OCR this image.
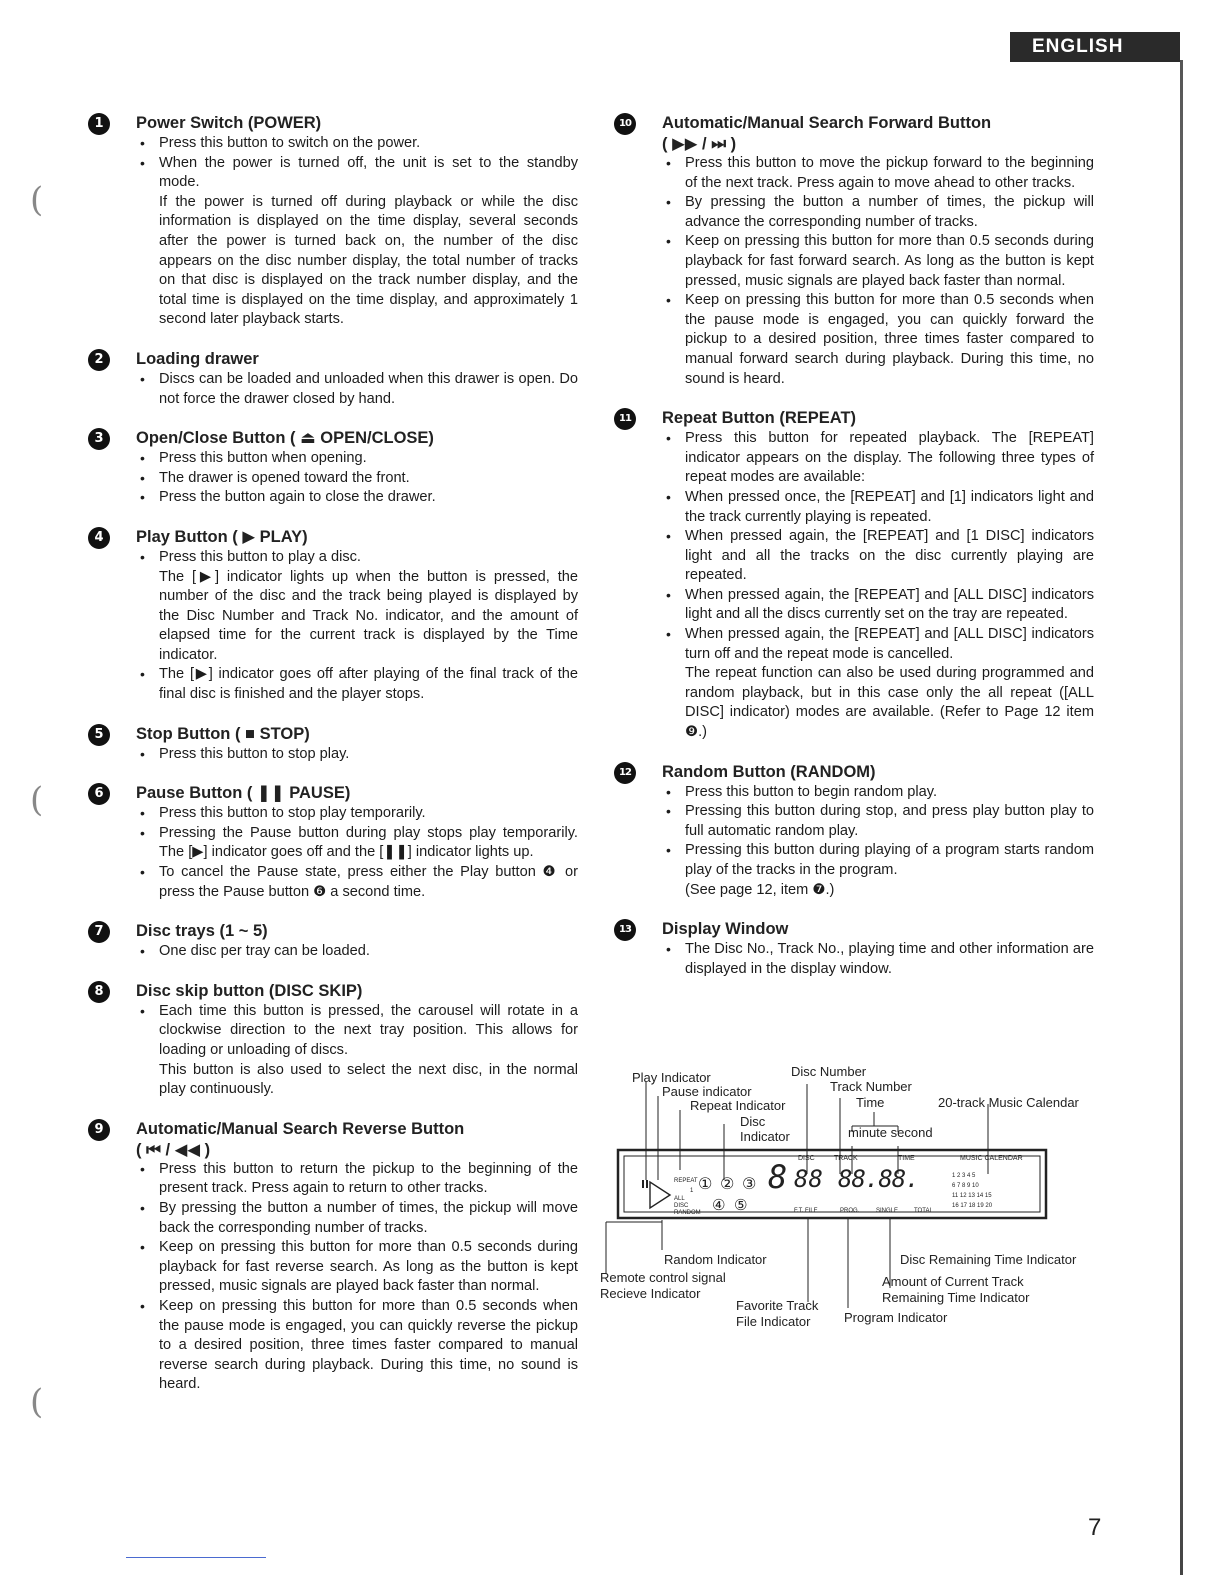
ENGLISH
(
(
(
1	Power Switch (POWER)
• Press this button to switch on the power.
• When the power is turned off, the unit is set to the standby mode.

If the power is turned off during playback or while the disc information is displayed on the time display, several seconds after the power is turned back on, the number of the disc appears on the disc number display, the total number of tracks on that disc is displayed on the track number display, and the total time is displayed on the time display, and approximately 1 second later playback starts.

2	Loading drawer
• Discs can be loaded and unloaded when this drawer is open. Do not force the drawer closed by hand.
3	Open/Close Button ( ⏏ OPEN/CLOSE)
• Press this button when opening.
• The drawer is opened toward the front.
• Press the button again to close the drawer.
4	Play Button ( ▶ PLAY)
• Press this button to play a disc.

The [▶] indicator lights up when the button is pressed, the number of the disc and the track being played is displayed by the Disc Number and Track No. indicator, and the amount of elapsed time for the current track is displayed by the Time indicator.

• The [▶] indicator goes off after playing of the final track of the final disc is finished and the player stops.
5	Stop Button ( ■ STOP)
• Press this button to stop play.
6	Pause Button ( ❚❚ PAUSE)
• Press this button to stop play temporarily.
• Pressing the Pause button during play stops play temporarily. The [▶] indicator goes off and the [❚❚] indicator lights up.
• To cancel the Pause state, press either the Play button ❹ or press the Pause button ❻ a second time.
7	Disc trays (1 ~ 5)
• One disc per tray can be loaded.
8	Disc skip button (DISC SKIP)
• Each time this button is pressed, the carousel will rotate in a clockwise direction to the next tray position. This allows for loading or unloading of discs.

This button is also used to select the next disc, in the normal play continuously.

9	Automatic/Manual Search Reverse Button
( ⏮ / ◀◀ )
• Press this button to return the pickup to the beginning of the present track. Press again to return to other tracks.
• By pressing the button a number of times, the pickup will move back the corresponding number of tracks.
• Keep on pressing this button for more than 0.5 seconds during playback for fast reverse search. As long as the button is kept pressed, music signals are played back faster than normal.
• Keep on pressing this button for more than 0.5 seconds when the pause mode is engaged, you can quickly reverse the pickup to a desired position, three times faster compared to manual reverse search during playback. During this time, no sound is heard.
10	Automatic/Manual Search Forward Button
( ▶▶ / ⏭ )
• Press this button to move the pickup forward to the beginning of the next track. Press again to move ahead to other tracks.
• By pressing the button a number of times, the pickup will advance the corresponding number of tracks.
• Keep on pressing this button for more than 0.5 seconds during playback for fast forward search. As long as the button is kept pressed, music signals are played back faster than normal.
• Keep on pressing this button for more than 0.5 seconds when the pause mode is engaged, you can quickly forward the pickup to a desired position, three times faster compared to manual forward search during playback. During this time, no sound is heard.
11	Repeat Button (REPEAT)
• Press this button for repeated playback. The [REPEAT] indicator appears on the display. The following three types of repeat modes are available:
• When pressed once, the [REPEAT] and [1] indicators light and the track currently playing is repeated.
• When pressed again, the [REPEAT] and [1 DISC] indicators light and all the tracks on the disc currently playing are repeated.
• When pressed again, the [REPEAT] and [ALL DISC] indicators light and all the discs currently set on the tray are repeated.
• When pressed again, the [REPEAT] and [ALL DISC] indicators turn off and the repeat mode is cancelled.

The repeat function can also be used during programmed and random playback, but in this case only the all repeat ([ALL DISC] indicator) modes are available. (Refer to Page 12 item ❾.)

12	Random Button (RANDOM)
• Press this button to begin random play.
• Pressing this button during stop, and press play button play to full automatic random play.
• Pressing this button during playing of a program starts random play of the tracks in the program.

(See page 12, item ❼.)

13	Display Window
• The Disc No., Track No., playing time and other information are displayed in the display window.
Play Indicator
Pause indicator
Repeat Indicator
Disc
Indicator
Disc Number
Track Number
Time
minute second
20-track Music Calendar
DISC	TRACK	TIME	MUSIC CALENDAR
REPEAT
1
ALL
DISC
RANDOM
① ② ③
④ ⑤
8 88 88.88.	1 2 3 4 5
6 7 8 9 10
11 12 13 14 15
16 17 18 19 20
F.T. FILE	PROG.	SINGLE	TOTAL
Random Indicator
Remote control signal
Recieve Indicator
Favorite Track
File Indicator
Disc Remaining Time Indicator
Amount of Current Track
Remaining Time Indicator
Program Indicator
7
